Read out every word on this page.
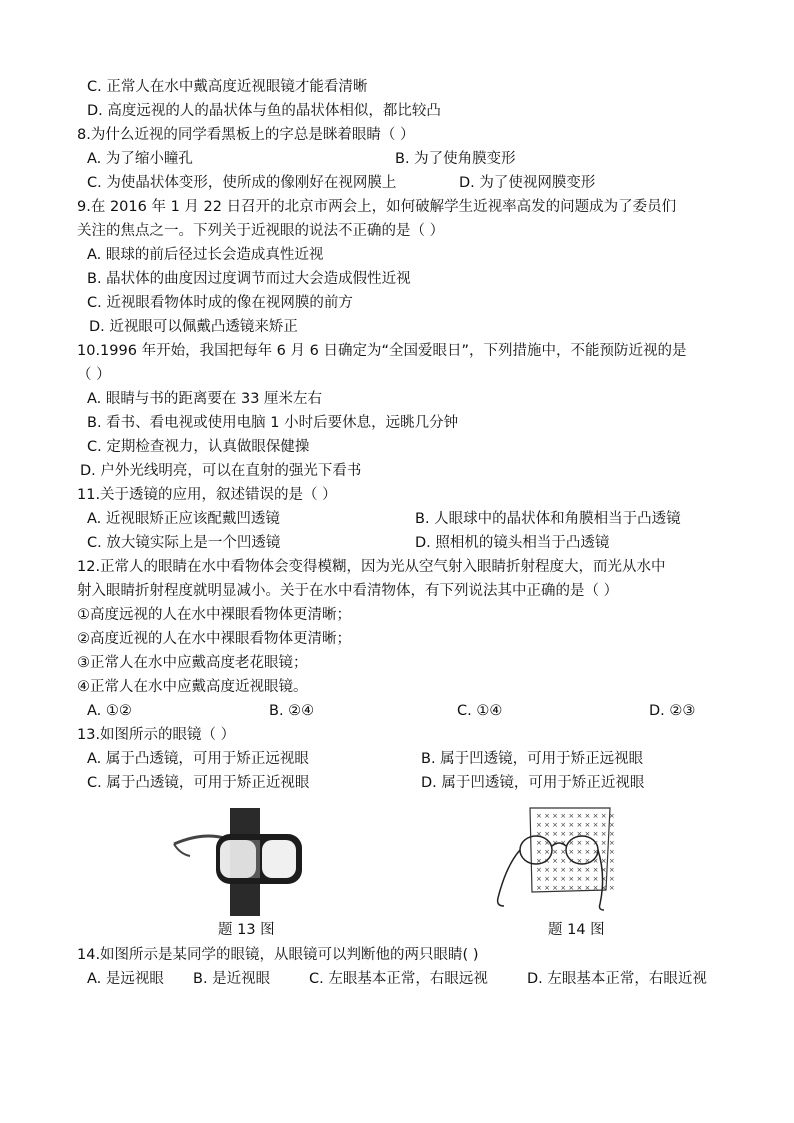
C. 正常人在水中戴高度近视眼镜才能看清晰
D. 高度远视的人的晶状体与鱼的晶状体相似，都比较凸
8.为什么近视的同学看黑板上的字总是眯着眼睛（ ）
A. 为了缩小瞳孔	B. 为了使角膜变形
C. 为使晶状体变形，使所成的像刚好在视网膜上	D. 为了使视网膜变形
9.在 2016 年 1 月 22 日召开的北京市两会上，如何破解学生近视率高发的问题成为了委员们
关注的焦点之一。下列关于近视眼的说法不正确的是（ ）
A. 眼球的前后径过长会造成真性近视
B. 晶状体的曲度因过度调节而过大会造成假性近视
C. 近视眼看物体时成的像在视网膜的前方
D. 近视眼可以佩戴凸透镜来矫正
10.1996 年开始，我国把每年 6 月 6 日确定为“全国爱眼日”，下列措施中，不能预防近视的是
（ ）
A. 眼睛与书的距离要在 33 厘米左右
B. 看书、看电视或使用电脑 1 小时后要休息，远眺几分钟
C. 定期检查视力，认真做眼保健操
D. 户外光线明亮，可以在直射的强光下看书
11.关于透镜的应用，叙述错误的是（ ）
A. 近视眼矫正应该配戴凹透镜	B. 人眼球中的晶状体和角膜相当于凸透镜
C. 放大镜实际上是一个凹透镜	D. 照相机的镜头相当于凸透镜
12.正常人的眼睛在水中看物体会变得模糊，因为光从空气射入眼睛折射程度大，而光从水中
射入眼睛折射程度就明显减小。关于在水中看清物体，有下列说法其中正确的是（ ）
①高度远视的人在水中裸眼看物体更清晰；
②高度近视的人在水中裸眼看物体更清晰；
③正常人在水中应戴高度老花眼镜；
④正常人在水中应戴高度近视眼镜。
A. ①②	B. ②④	C. ①④	D. ②③
13.如图所示的眼镜（ ）
A. 属于凸透镜，可用于矫正远视眼	B. 属于凹透镜，可用于矫正远视眼
C. 属于凸透镜，可用于矫正近视眼	D. 属于凹透镜，可用于矫正近视眼
× × × × × × × × × ×
× × × × × × × × × ×
× × × × × × × × × ×
× × × × × × × × × ×
× × × × × × × × × ×
× × × × × × × × × ×
× × × × × × × × × ×
× × × × × × × × × ×
× × × × × × × × × ×
题 13 图	题 14 图
14.如图所示是某同学的眼镜，从眼镜可以判断他的两只眼睛( )
A. 是远视眼 B. 是近视眼	C. 左眼基本正常，右眼远视	D. 左眼基本正常，右眼近视
